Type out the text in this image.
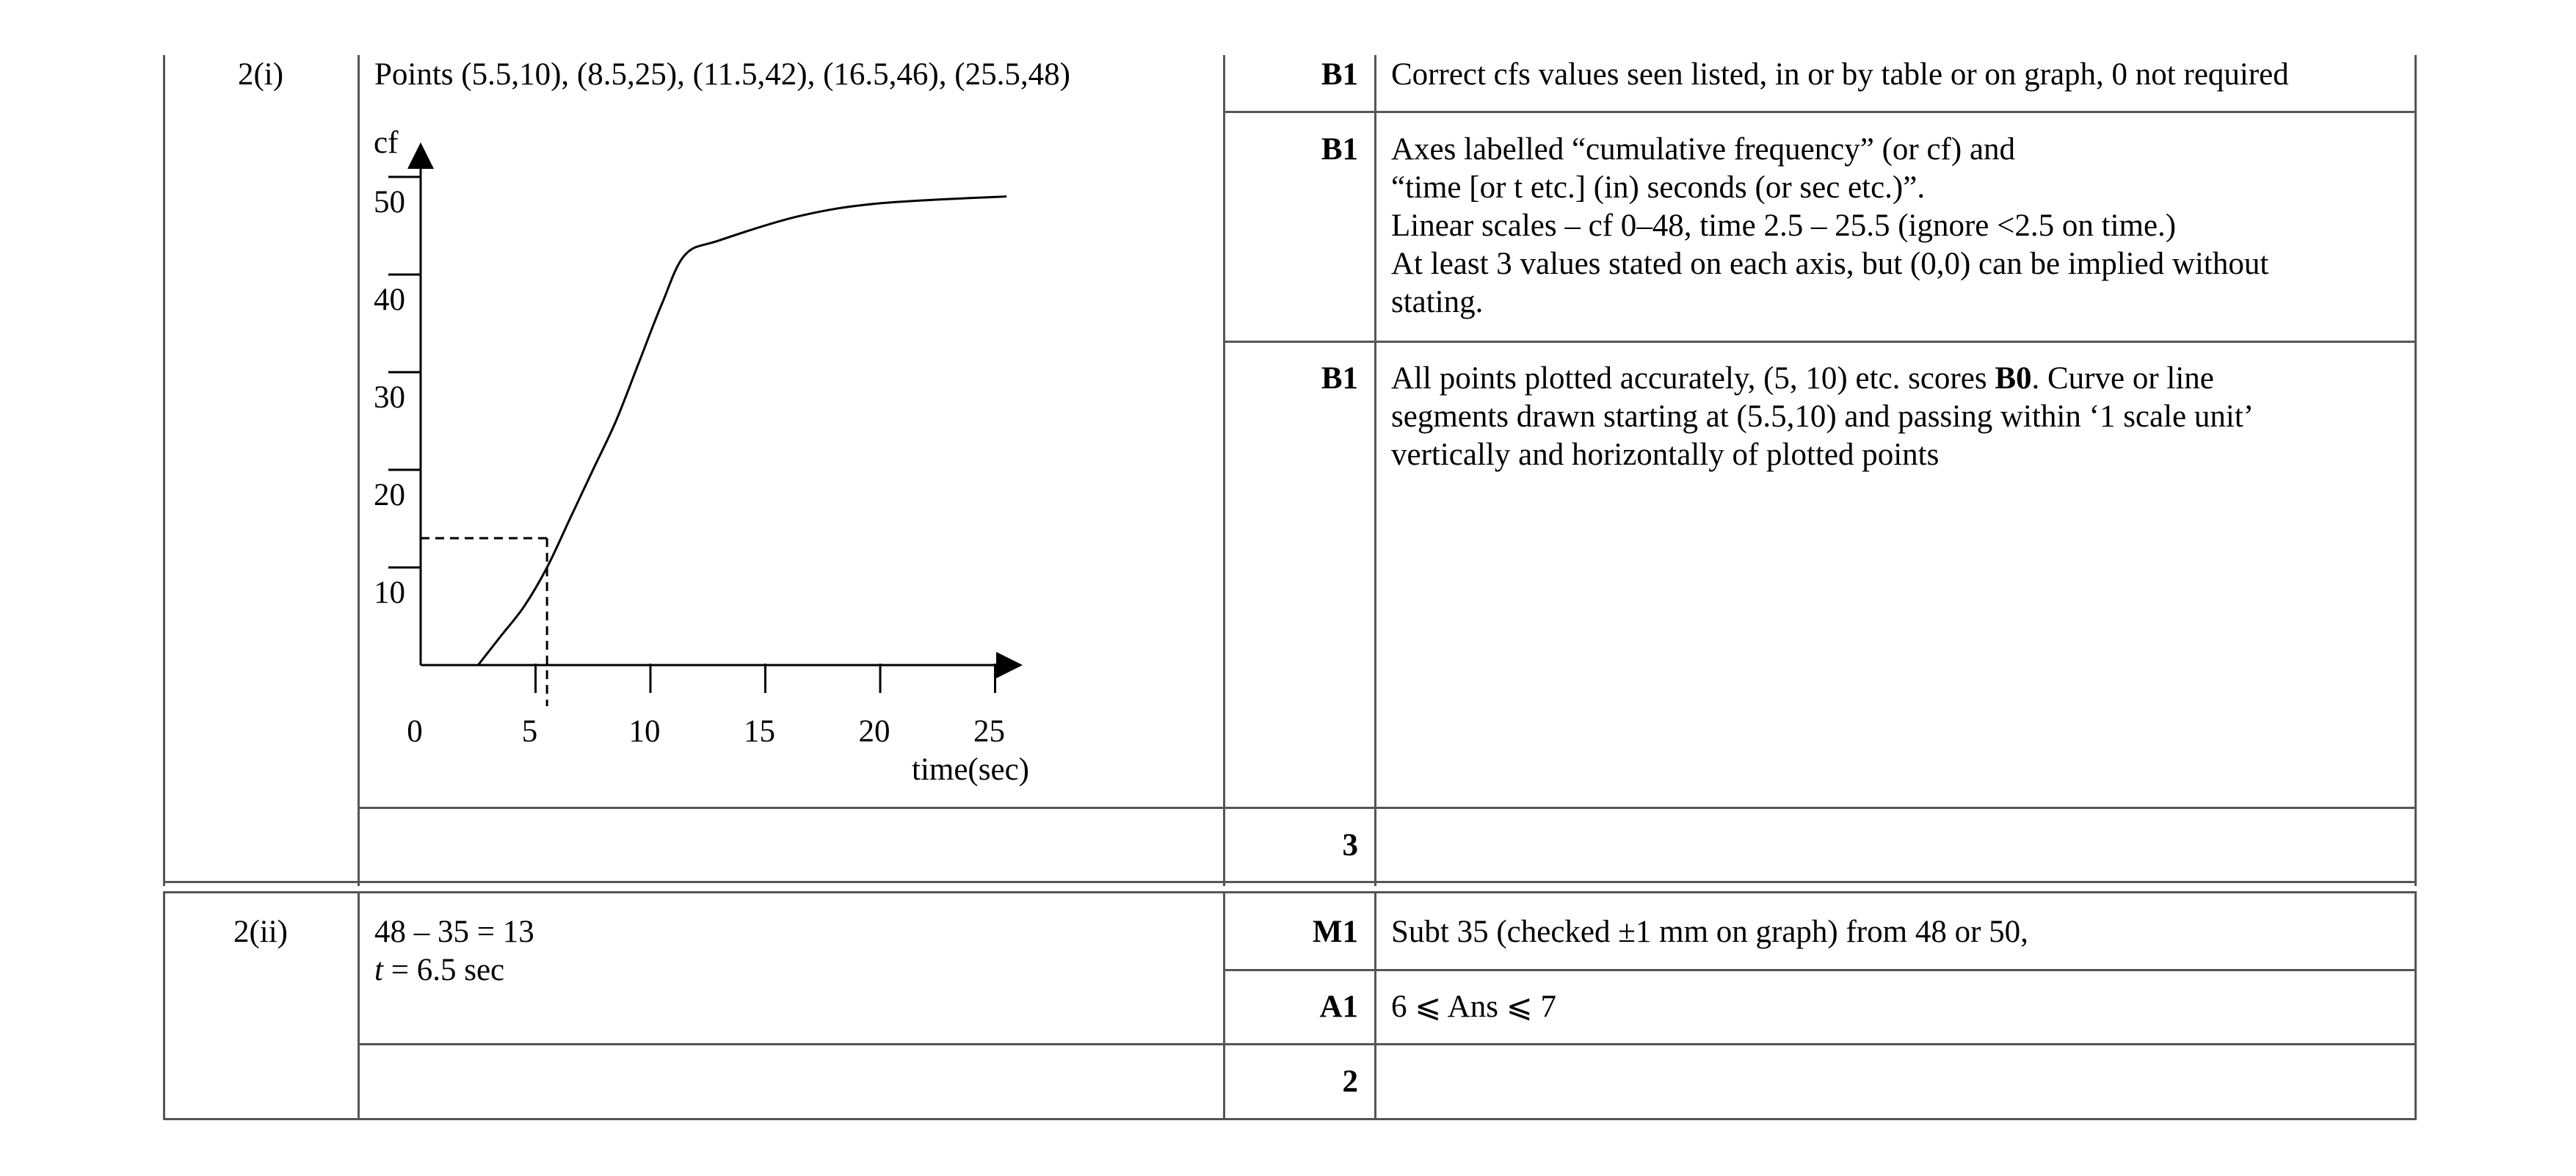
2(i)	Points (5.5,10), (8.5,25), (11.5,42), (16.5,46), (25.5,48)	B1 Correct cfs values seen listed, in or by table or on graph, 0 not required
B1 Axes labelled “cumulative frequency” (or cf) and
“time [or t etc.] (in) seconds (or sec etc.)”.
Linear scales – cf 0–48, time 2.5 – 25.5 (ignore <2.5 on time.)
At least 3 values stated on each axis, but (0,0) can be implied without
stating.
B1 All points plotted accurately, (5, 10) etc. scores B0. Curve or line
segments drawn starting at (5.5,10) and passing within ‘1 scale unit’
vertically and horizontally of plotted points
3
2(ii)	48 – 35 = 13
t = 6.5 sec
M1 Subt 35 (checked ±1 mm on graph) from 48 or 50,
A1 6 ⩽ Ans ⩽ 7
2
10
20
30
40
50
0	5	10	15	20	25
cf
time(sec)
